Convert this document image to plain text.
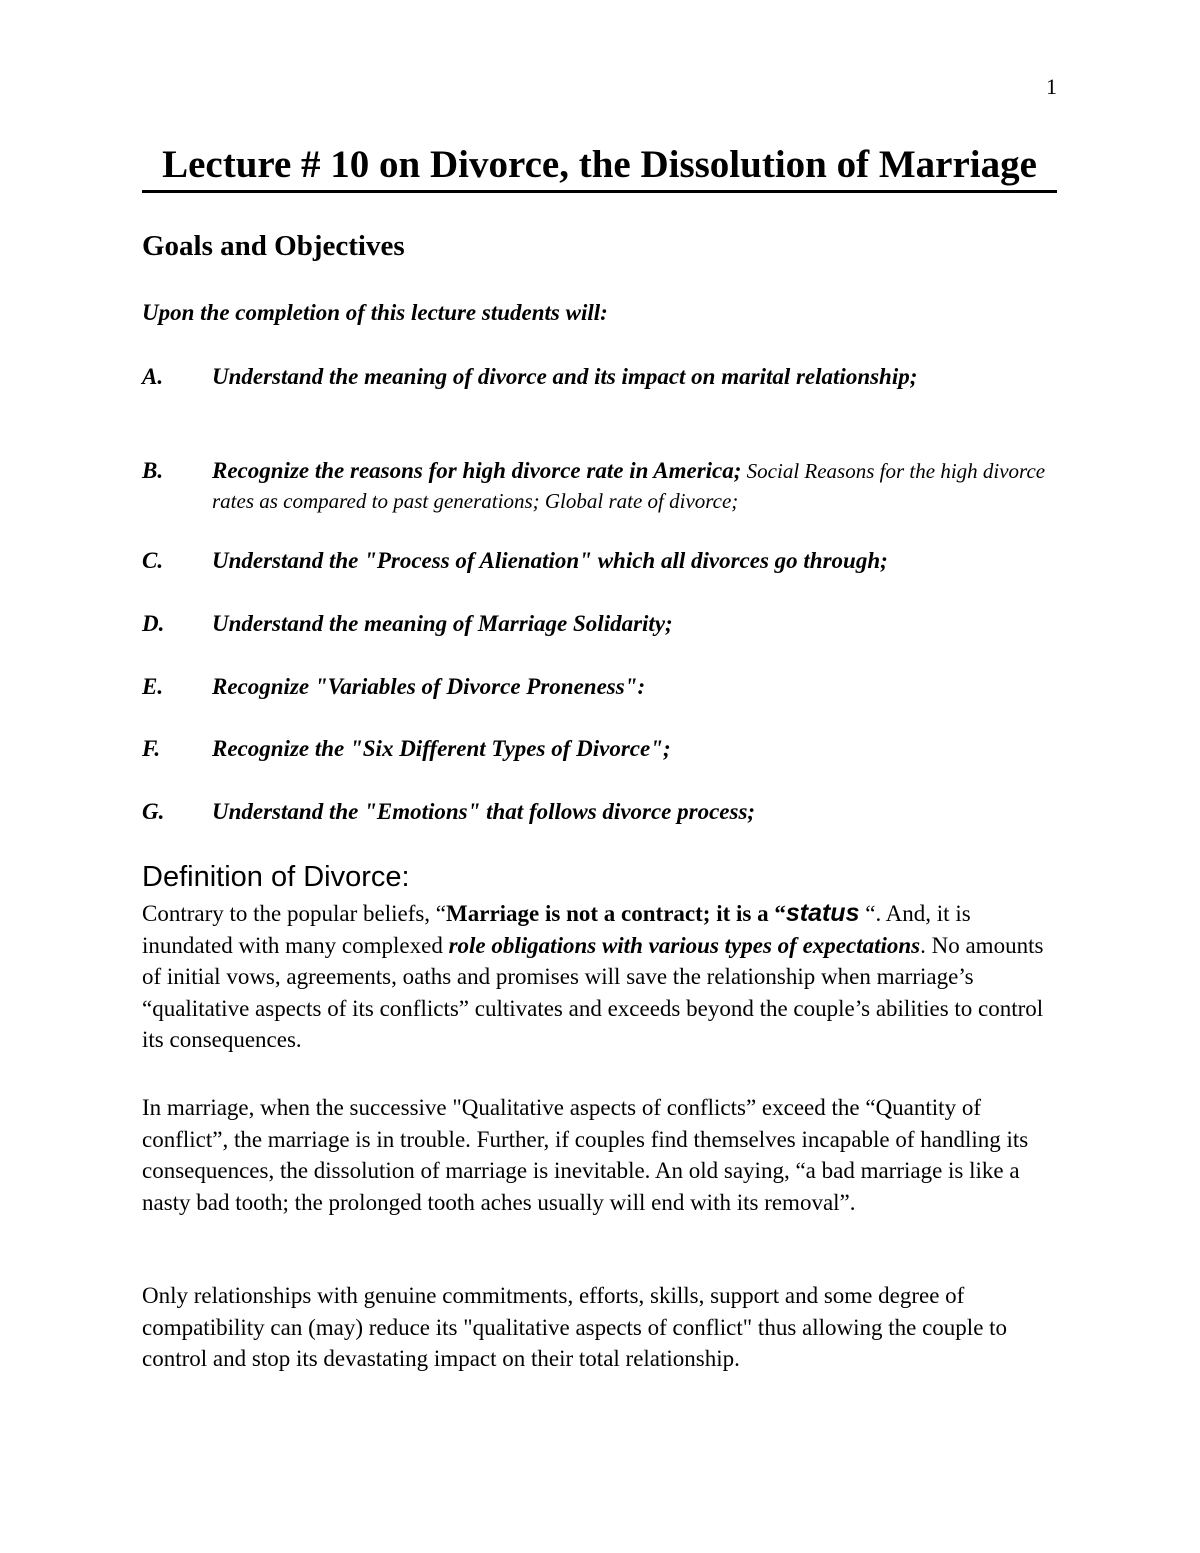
1
Lecture # 10 on Divorce, the Dissolution of Marriage
Goals and Objectives
Upon the completion of this lecture students will:
A. Understand the meaning of divorce and its impact on marital relationship;
B. Recognize the reasons for high divorce rate in America; Social Reasons for the high divorce rates as compared to past generations; Global rate of divorce;
C. Understand the "Process of Alienation" which all divorces go through;
D. Understand the meaning of Marriage Solidarity;
E. Recognize "Variables of Divorce Proneness":
F. Recognize the "Six Different Types of Divorce";
G. Understand the "Emotions" that follows divorce process;
Definition of Divorce:
Contrary to the popular beliefs, “Marriage is not a contract; it is a “status “. And, it is inundated with many complexed role obligations with various types of expectations. No amounts of initial vows, agreements, oaths and promises will save the relationship when marriage’s “qualitative aspects of its conflicts” cultivates and exceeds beyond the couple’s abilities to control its consequences.
In marriage, when the successive "Qualitative aspects of conflicts” exceed the “Quantity of conflict”, the marriage is in trouble. Further, if couples find themselves incapable of handling its consequences, the dissolution of marriage is inevitable. An old saying, “a bad marriage is like a nasty bad tooth; the prolonged tooth aches usually will end with its removal”.
Only relationships with genuine commitments, efforts, skills, support and some degree of compatibility can (may) reduce its "qualitative aspects of conflict" thus allowing the couple to control and stop its devastating impact on their total relationship.
